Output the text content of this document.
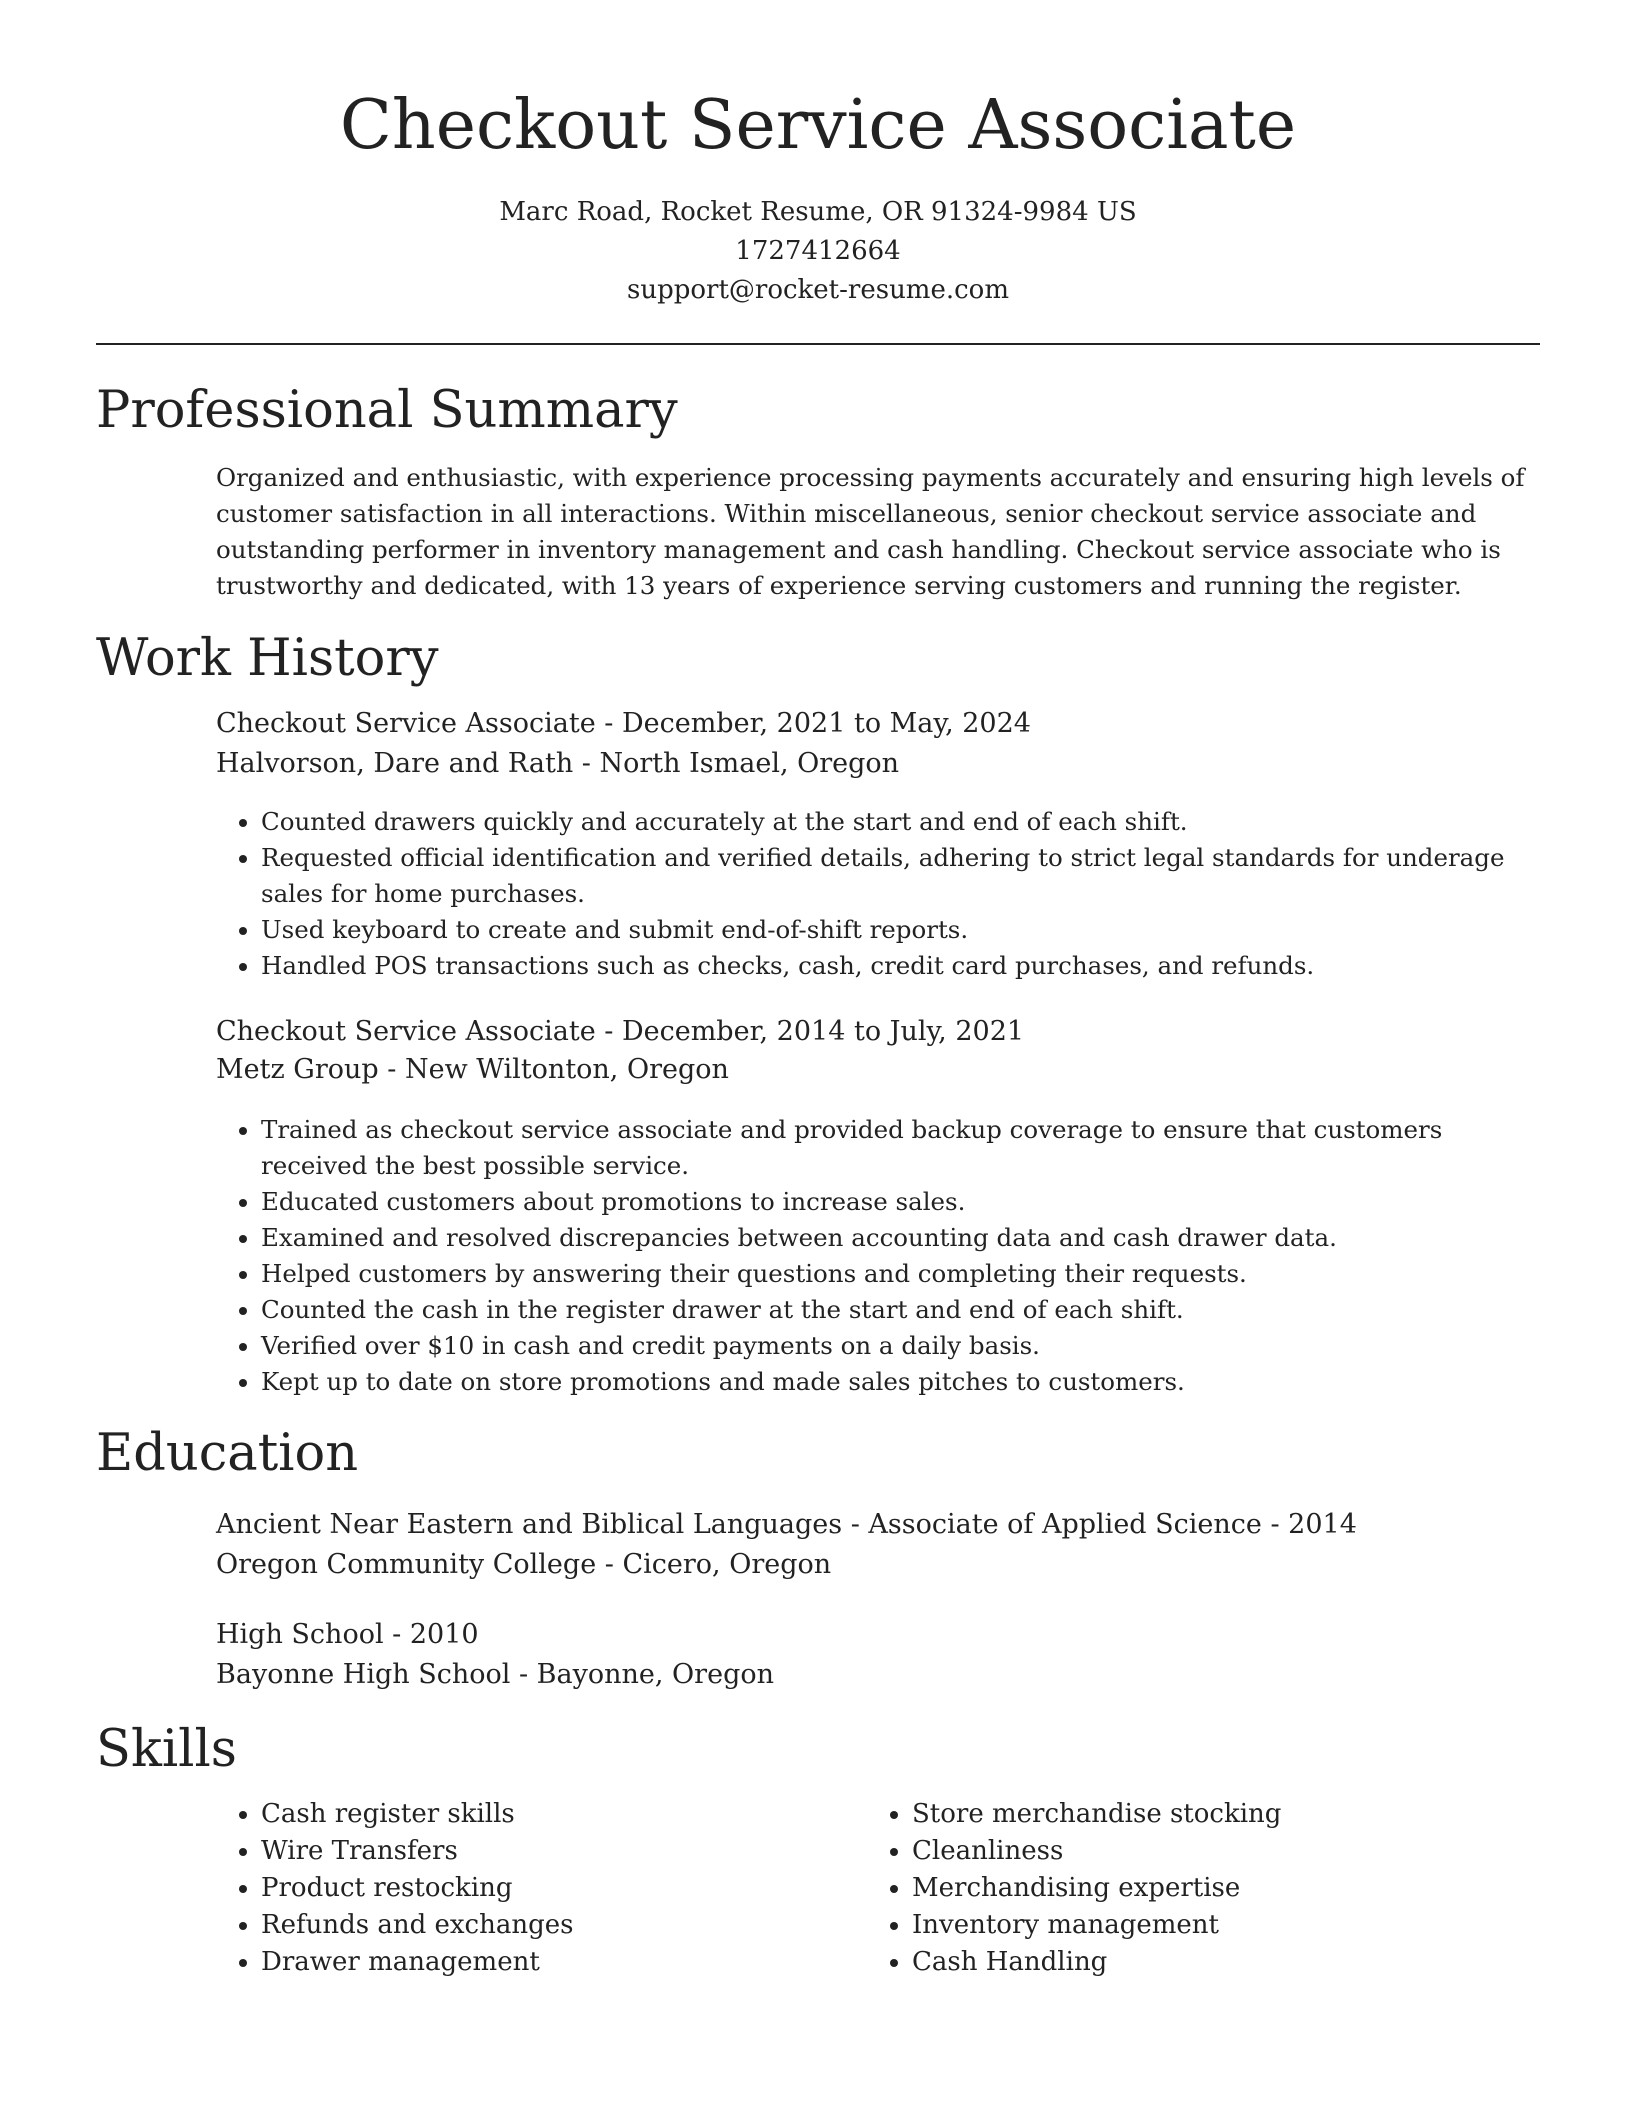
Checkout Service Associate
Marc Road, Rocket Resume, OR 91324-9984 US
1727412664
support@rocket-resume.com
Professional Summary
Organized and enthusiastic, with experience processing payments accurately and ensuring high levels of customer satisfaction in all interactions. Within miscellaneous, senior checkout service associate and outstanding performer in inventory management and cash handling. Checkout service associate who is trustworthy and dedicated, with 13 years of experience serving customers and running the register.
Work History
Checkout Service Associate - December, 2021 to May, 2024
Halvorson, Dare and Rath - North Ismael, Oregon
• Counted drawers quickly and accurately at the start and end of each shift.
• Requested official identification and verified details, adhering to strict legal standards for underage sales for home purchases.
• Used keyboard to create and submit end-of-shift reports.
• Handled POS transactions such as checks, cash, credit card purchases, and refunds.
Checkout Service Associate - December, 2014 to July, 2021
Metz Group - New Wiltonton, Oregon
• Trained as checkout service associate and provided backup coverage to ensure that customers received the best possible service.
• Educated customers about promotions to increase sales.
• Examined and resolved discrepancies between accounting data and cash drawer data.
• Helped customers by answering their questions and completing their requests.
• Counted the cash in the register drawer at the start and end of each shift.
• Verified over $10 in cash and credit payments on a daily basis.
• Kept up to date on store promotions and made sales pitches to customers.
Education
Ancient Near Eastern and Biblical Languages - Associate of Applied Science - 2014
Oregon Community College - Cicero, Oregon
High School - 2010
Bayonne High School - Bayonne, Oregon
Skills
• Cash register skills
• Wire Transfers
• Product restocking
• Refunds and exchanges
• Drawer management
• Store merchandise stocking
• Cleanliness
• Merchandising expertise
• Inventory management
• Cash Handling
